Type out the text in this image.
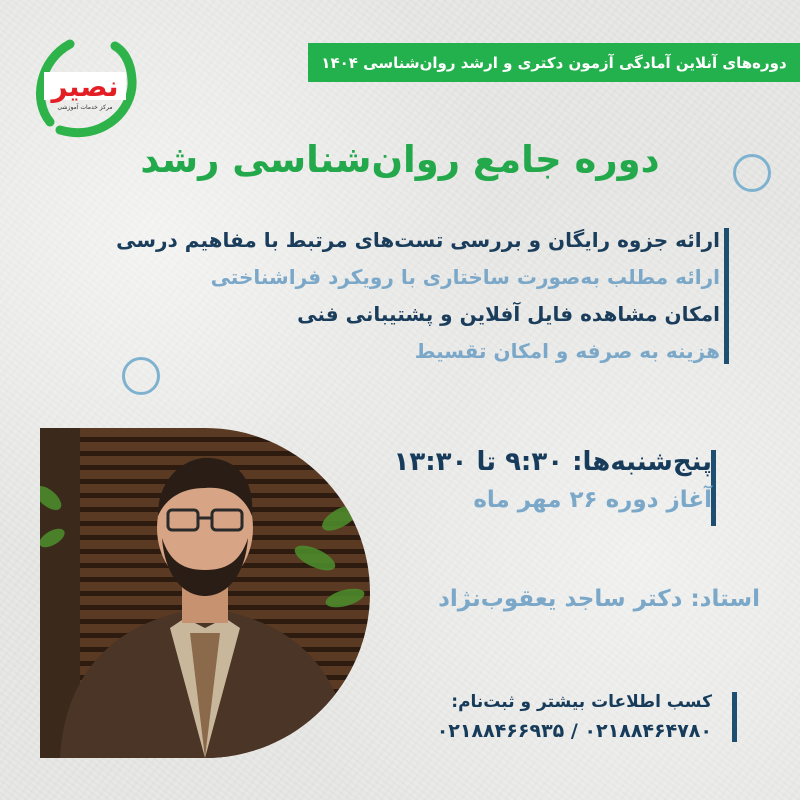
نصیر
مرکز خدمات آموزشی
دوره‌های آنلاین آمادگی آزمون دکتری و ارشد روان‌شناسی ۱۴۰۴
دوره جامع روان‌شناسی رشد
ارائه جزوه رایگان و بررسی تست‌های مرتبط با مفاهیم درسی
ارائه مطلب به‌صورت ساختاری با رویکرد فراشناختی
امکان مشاهده فایل آفلاین و پشتیبانی فنی
هزینه به صرفه و امکان تقسیط
پنج‌شنبه‌ها: ۹:۳۰ تا ۱۳:۳۰
آغاز دوره ۲۶ مهر ماه
استاد: دکتر ساجد یعقوب‌نژاد
کسب اطلاعات بیشتر و ثبت‌نام:
۰۲۱۸۸۴۶۶۹۳۵ / ۰۲۱۸۸۴۶۴۷۸۰
